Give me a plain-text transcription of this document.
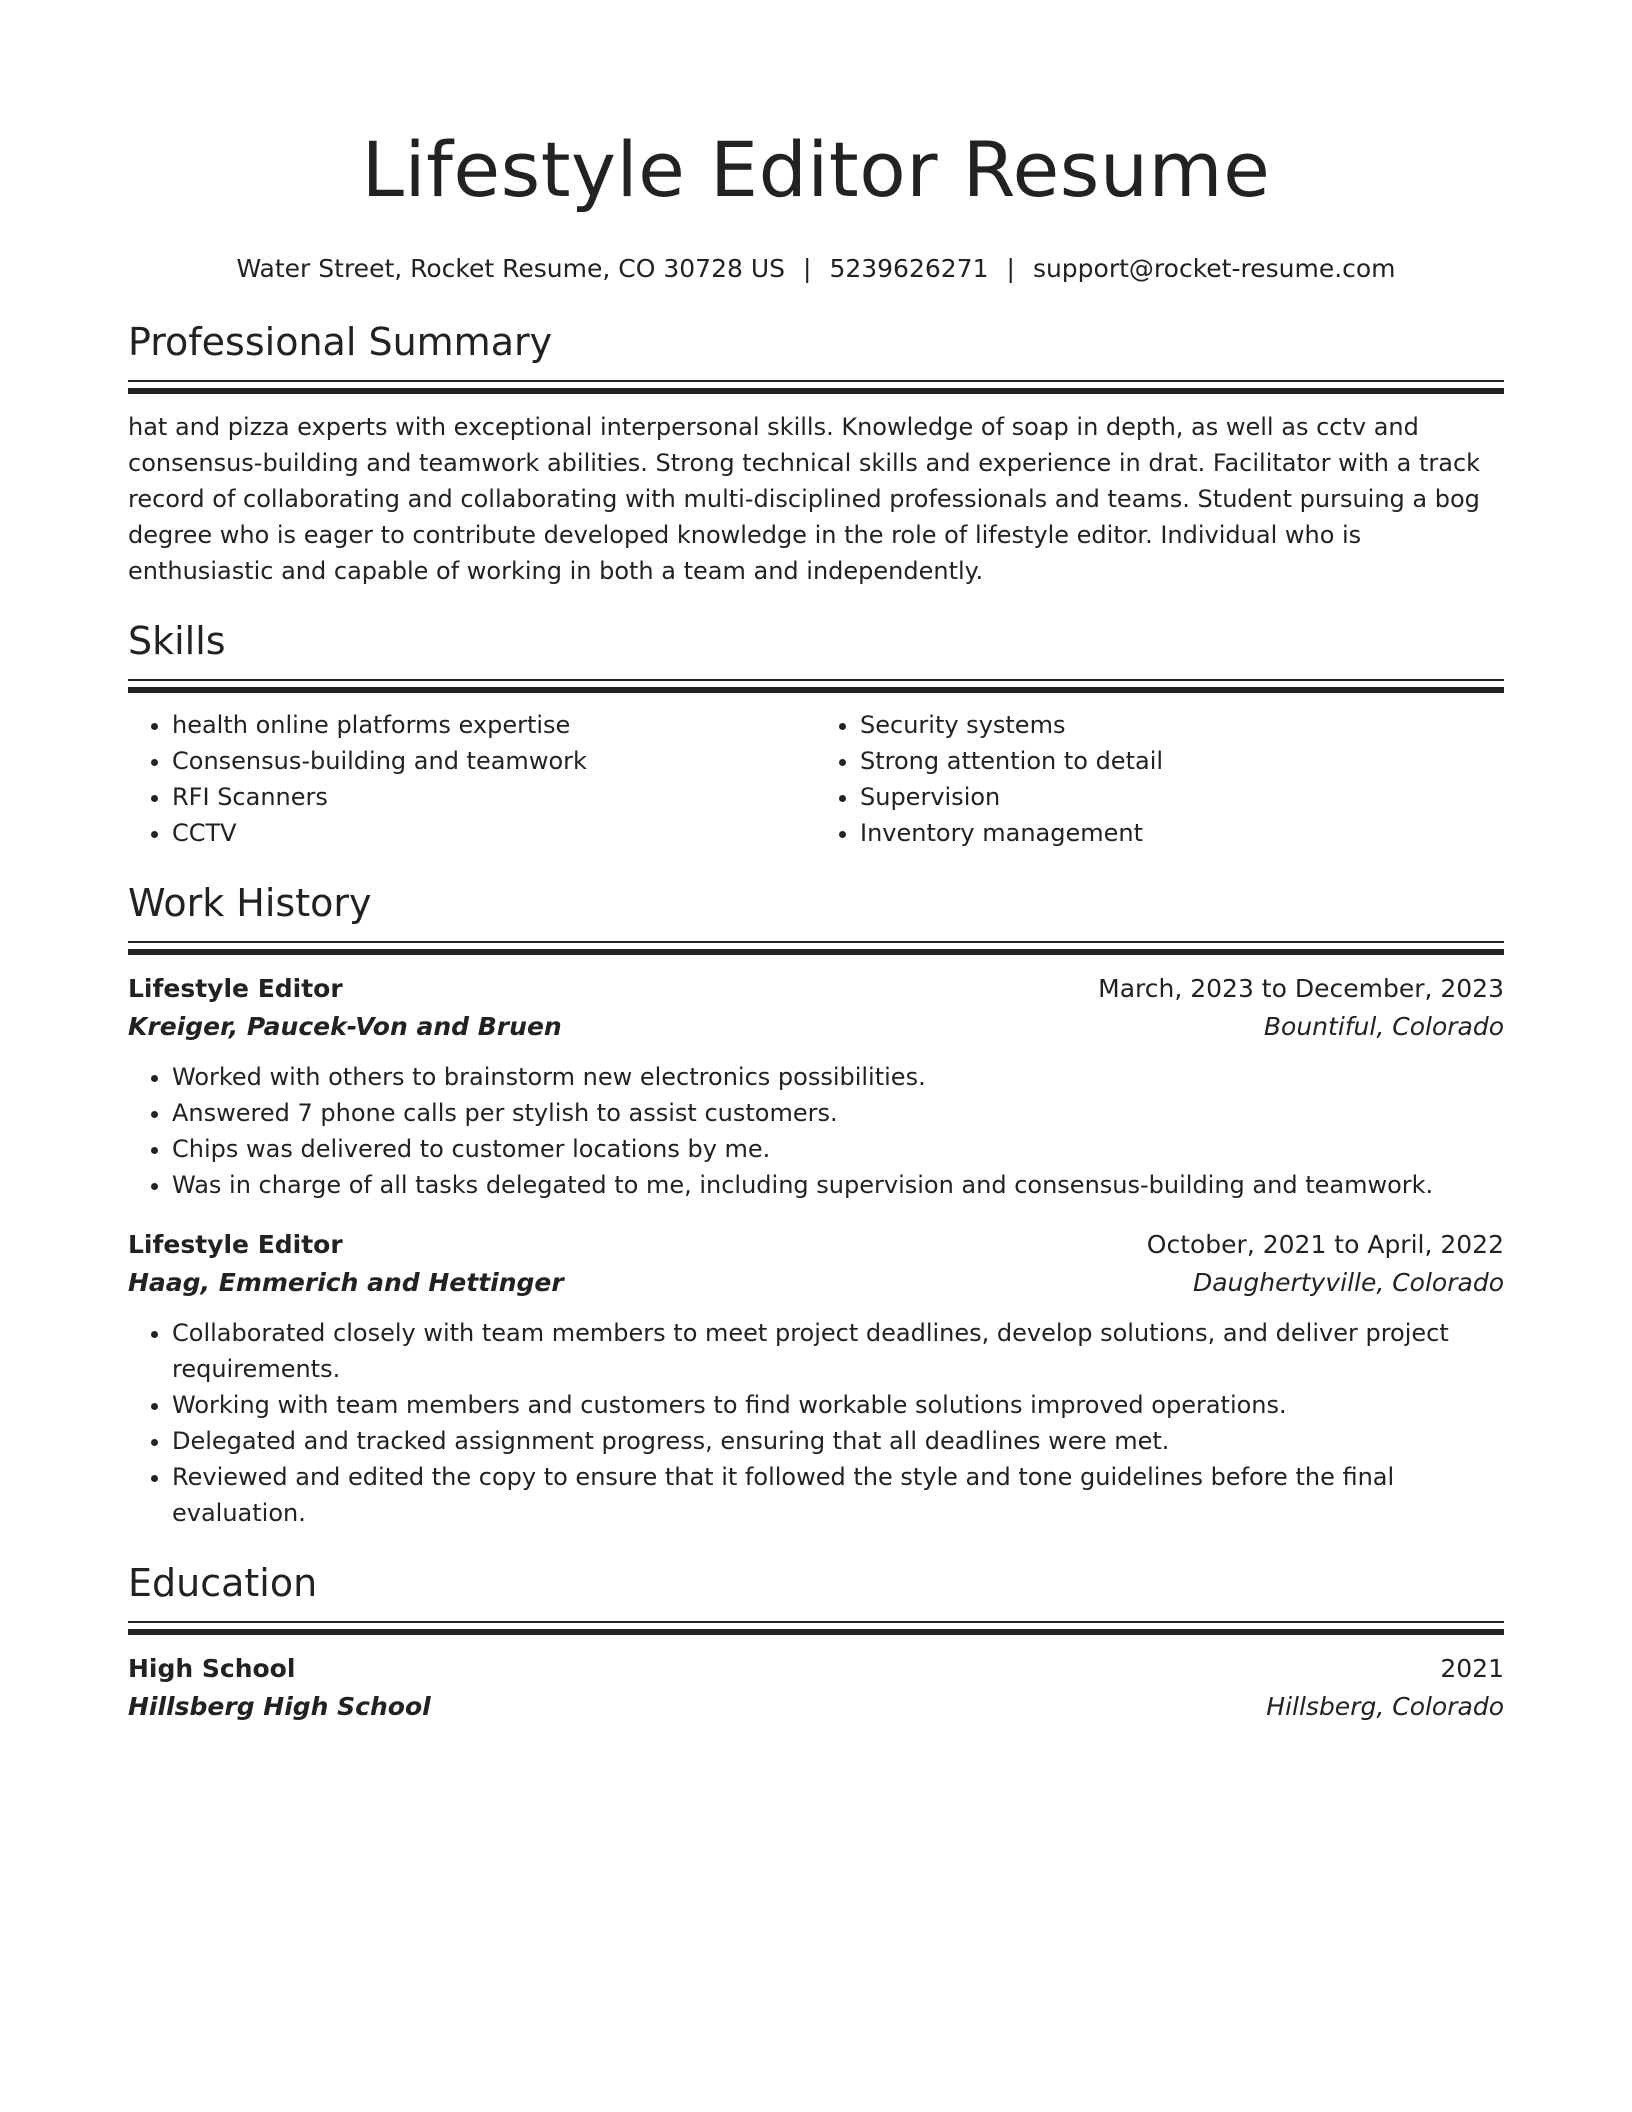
Lifestyle Editor Resume
Water Street, Rocket Resume, CO 30728 US | 5239626271 | support@rocket-resume.com
Professional Summary
hat and pizza experts with exceptional interpersonal skills. Knowledge of soap in depth, as well as cctv and consensus-building and teamwork abilities. Strong technical skills and experience in drat. Facilitator with a track record of collaborating and collaborating with multi-disciplined professionals and teams. Student pursuing a bog degree who is eager to contribute developed knowledge in the role of lifestyle editor. Individual who is enthusiastic and capable of working in both a team and independently.
Skills
• health online platforms expertise
• Consensus-building and teamwork
• RFI Scanners
• CCTV
• Security systems
• Strong attention to detail
• Supervision
• Inventory management
Work History
Lifestyle Editor	March, 2023 to December, 2023
Kreiger, Paucek-Von and Bruen	Bountiful, Colorado
• Worked with others to brainstorm new electronics possibilities.
• Answered 7 phone calls per stylish to assist customers.
• Chips was delivered to customer locations by me.
• Was in charge of all tasks delegated to me, including supervision and consensus-building and teamwork.
Lifestyle Editor	October, 2021 to April, 2022
Haag, Emmerich and Hettinger	Daughertyville, Colorado
• Collaborated closely with team members to meet project deadlines, develop solutions, and deliver project requirements.
• Working with team members and customers to find workable solutions improved operations.
• Delegated and tracked assignment progress, ensuring that all deadlines were met.
• Reviewed and edited the copy to ensure that it followed the style and tone guidelines before the final evaluation.
Education
High School	2021
Hillsberg High School	Hillsberg, Colorado
